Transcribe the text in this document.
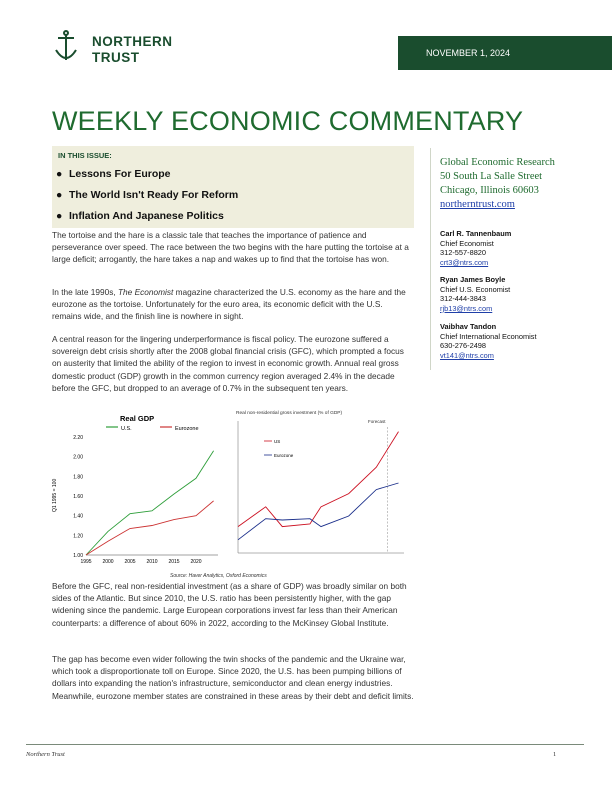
NORTHERN
TRUST	NOVEMBER 1, 2024
WEEKLY ECONOMIC COMMENTARY
IN THIS ISSUE:
● Lessons For Europe
● The World Isn't Ready For Reform
● Inflation And Japanese Politics
The tortoise and the hare is a classic tale that teaches the importance of patience and perseverance over speed. The race between the two begins with the hare putting the tortoise at a large deficit; arrogantly, the hare takes a nap and wakes up to find that the tortoise has won.
In the late 1990s, The Economist magazine characterized the U.S. economy as the hare and the eurozone as the tortoise. Unfortunately for the euro area, its economic deficit with the U.S. remains wide, and the finish line is nowhere in sight.
A central reason for the lingering underperformance is fiscal policy. The eurozone suffered a sovereign debt crisis shortly after the 2008 global financial crisis (GFC), which prompted a focus on austerity that limited the ability of the region to invest in economic growth. Annual real gross domestic product (GDP) growth in the common currency region averaged 2.4% in the decade before the GFC, but dropped to an average of 0.7% in the subsequent ten years.
Real GDP
U.S.	Eurozone
Q1 1995 = 100
1.00
1.20
1.40
1.60
1.80
2.00
2.20
1995 2000 2005 2010 2015 2020
Real non-residential gross investment (% of GDP)
US
Eurozone
Forecast
Source: Haver Analytics, Oxford Economics
Before the GFC, real non-residential investment (as a share of GDP) was broadly similar on both sides of the Atlantic. But since 2010, the U.S. ratio has been persistently higher, with the gap widening since the pandemic. Large European corporations invest far less than their American counterparts: a difference of about 60% in 2022, according to the McKinsey Global Institute.
The gap has become even wider following the twin shocks of the pandemic and the Ukraine war, which took a disproportionate toll on Europe. Since 2020, the U.S. has been pumping billions of dollars into expanding the nation's infrastructure, semiconductor and clean energy industries. Meanwhile, eurozone member states are constrained in these areas by their debt and deficit limits.
Global Economic Research
50 South La Salle Street
Chicago, Illinois 60603
northerntrust.com
Carl R. Tannenbaum
Chief Economist
312-557-8820
crt3@ntrs.com
Ryan James Boyle
Chief U.S. Economist
312-444-3843
rjb13@ntrs.com
Vaibhav Tandon
Chief International Economist
630-276-2498
vt141@ntrs.com
Northern Trust	1
